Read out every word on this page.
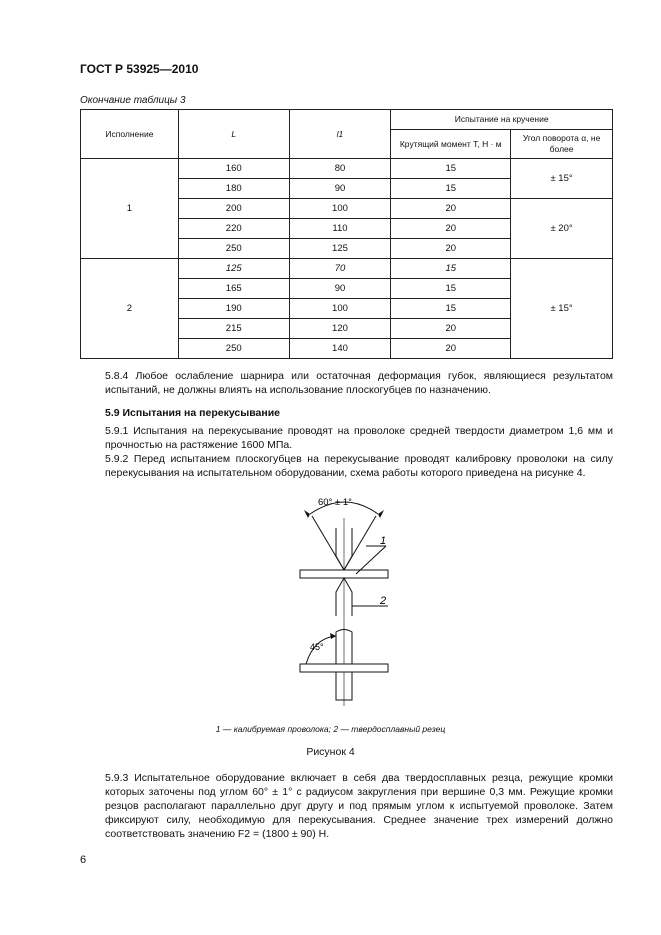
ГОСТ Р 53925—2010
Окончание таблицы 3
Исполнение	L	l1	Испытание на кручение	
			Крутящий момент T, Н · м	Угол поворота α, не более
1	160	80	15	± 15°
	180	90	15	
	200	100	20	± 20°
	220	110	20	
	250	125	20	
2	125	70	15	± 15°
	165	90	15	
	190	100	15	
	215	120	20	
	250	140	20	
5.8.4 Любое ослабление шарнира или остаточная деформация губок, являющиеся результатом испытаний, не должны влиять на использование плоскогубцев по назначению.
5.9 Испытания на перекусывание
5.9.1 Испытания на перекусывание проводят на проволоке средней твердости диаметром 1,6 мм и прочностью на растяжение 1600 МПа.
5.9.2 Перед испытанием плоскогубцев на перекусывание проводят калибровку проволоки на силу перекусывания на испытательном оборудовании, схема работы которого приведена на рисунке 4.
60° ± 1°
1
2
45°
1 — калибруемая проволока; 2 — твердосплавный резец
Рисунок 4
5.9.3 Испытательное оборудование включает в себя два твердосплавных резца, режущие кромки которых заточены под углом 60° ± 1° с радиусом закругления при вершине 0,3 мм. Режущие кромки резцов располагают параллельно друг другу и под прямым углом к испытуемой проволоке. Затем фиксируют силу, необходимую для перекусывания. Среднее значение трех измерений должно соответствовать значению F2 = (1800 ± 90) Н.
6
